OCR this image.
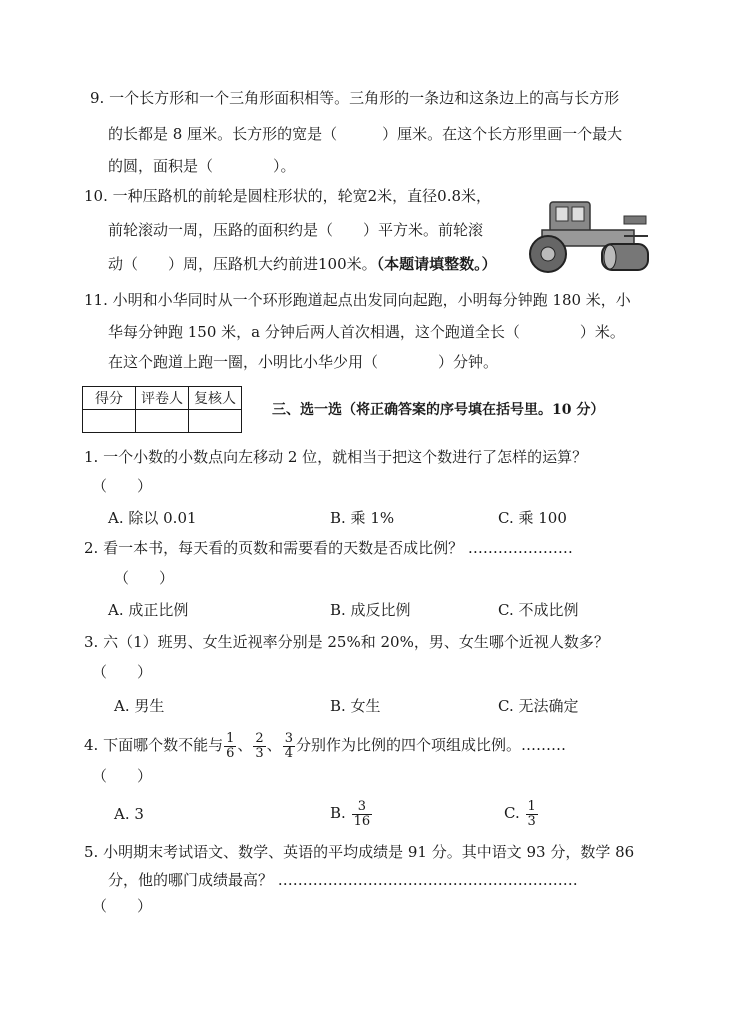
9. 一个长方形和一个三角形面积相等。三角形的一条边和这条边上的高与长方形
的长都是 8 厘米。长方形的宽是（　　　）厘米。在这个长方形里画一个最大
的圆，面积是（　　　　）。
10. 一种压路机的前轮是圆柱形状的，轮宽2米，直径0.8米，
前轮滚动一周，压路的面积约是（　　）平方米。前轮滚
动（　　）周，压路机大约前进100米。（本题请填整数。）
11. 小明和小华同时从一个环形跑道起点出发同向起跑，小明每分钟跑 180 米，小
华每分钟跑 150 米，a 分钟后两人首次相遇，这个跑道全长（　　　　）米。
在这个跑道上跑一圈，小明比小华少用（　　　　）分钟。
得分	评卷人	复核人

三、选一选（将正确答案的序号填在括号里。10 分）
1. 一个小数的小数点向左移动 2 位，就相当于把这个数进行了怎样的运算？
（　　）
A. 除以 0.01	B. 乘 1%	C. 乘 100
2. 看一本书，每天看的页数和需要看的天数是否成比例？ …………………
（　　）
A. 成正比例	B. 成反比例	C. 不成比例
3. 六（1）班男、女生近视率分别是 25%和 20%，男、女生哪个近视人数多？
（　　）
A. 男生	B. 女生	C. 无法确定
4. 下面哪个数不能与 $\frac{1}{6}$ 、 $\frac{2}{3}$ 、 $\frac{3}{4}$ 分别作为比例的四个项组成比例。………
（　　）
A. 3	B. $\frac{3}{16}$	C. $\frac{1}{3}$
5. 小明期末考试语文、数学、英语的平均成绩是 91 分。其中语文 93 分，数学 86
分，他的哪门成绩最高？ ……………………………………………………
（　　）
